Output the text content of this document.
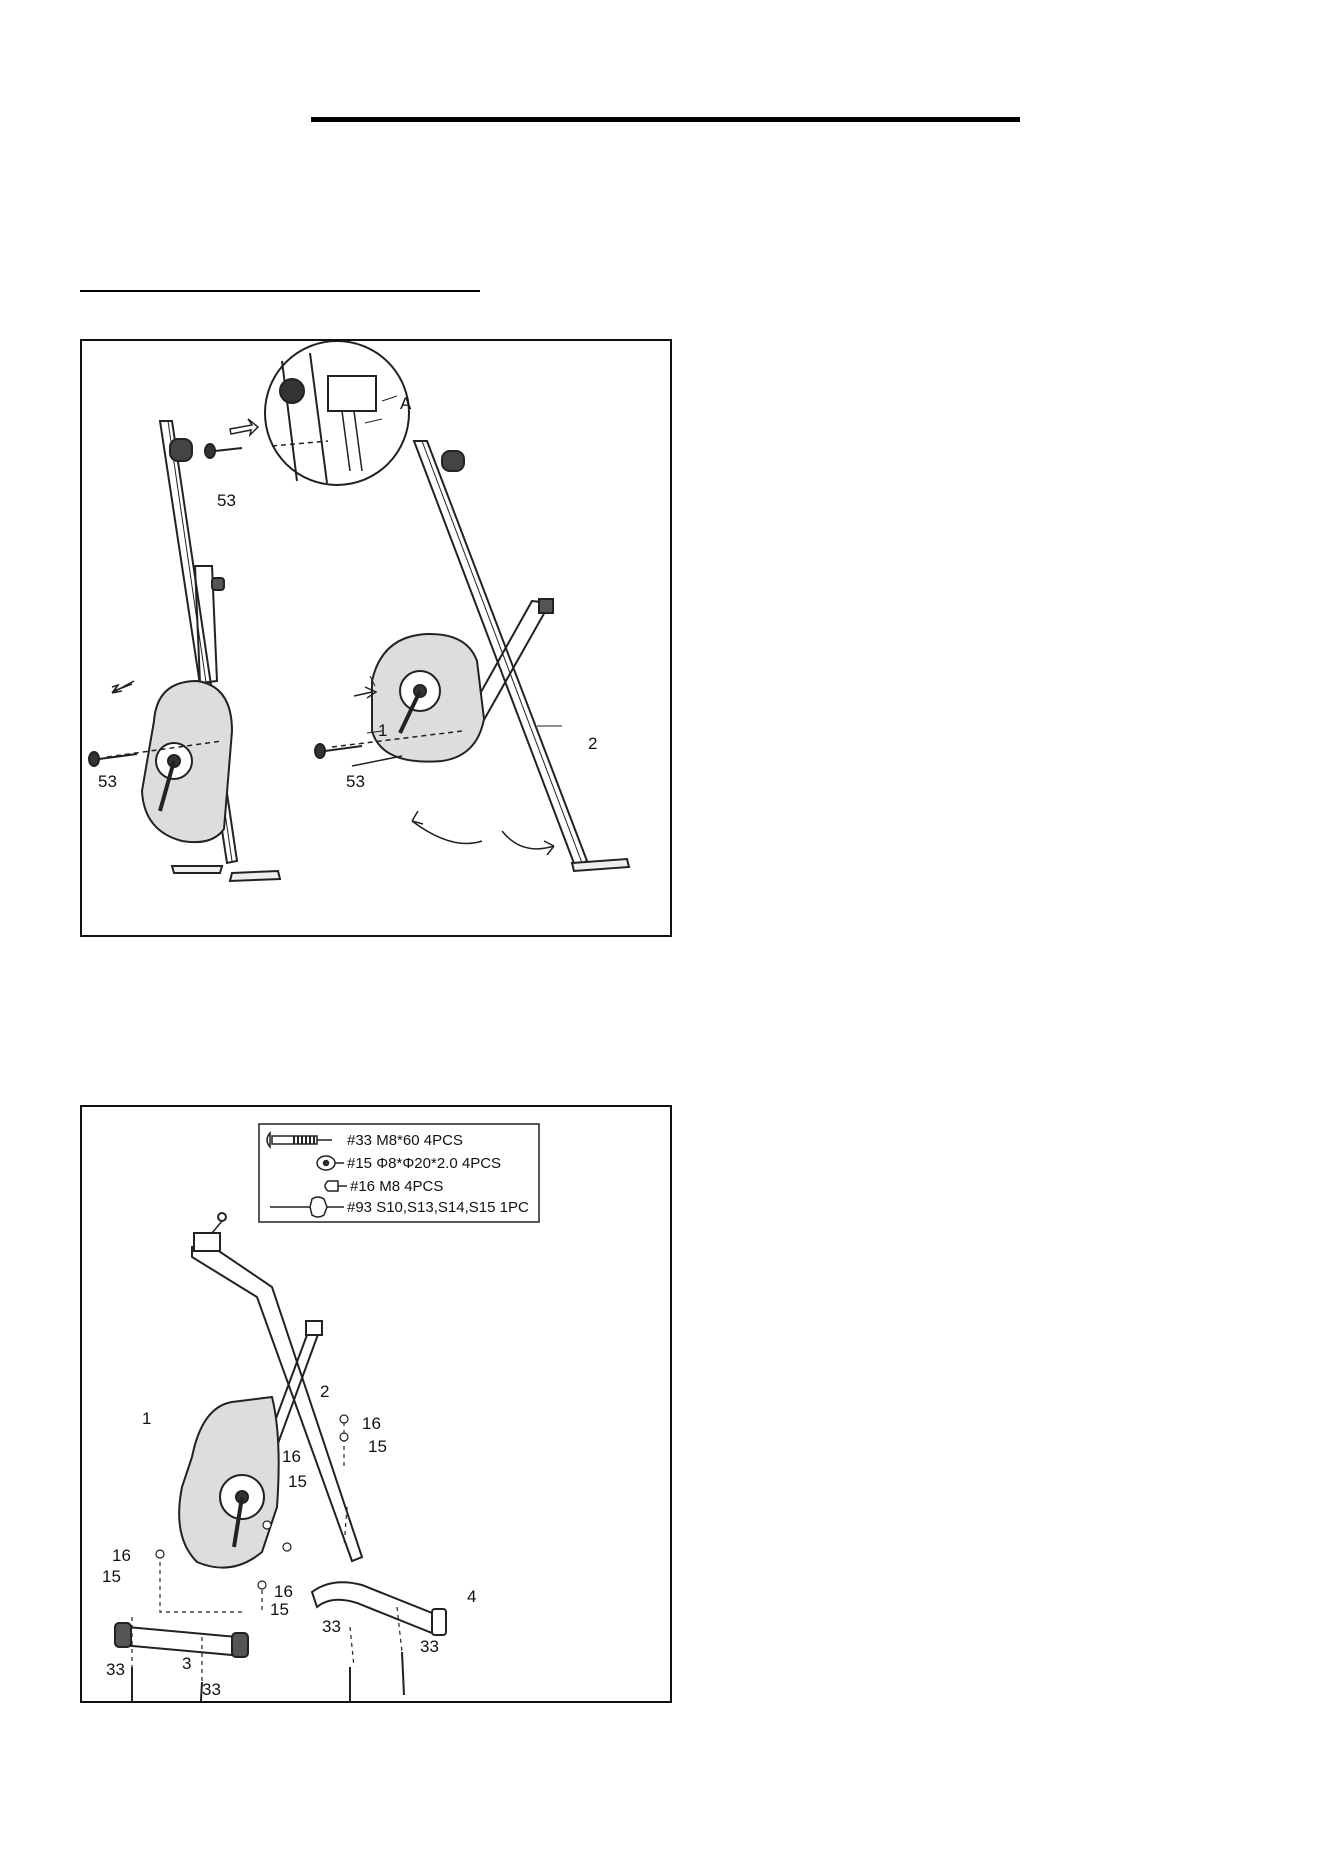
53
A
53	53
1
2
#33 M8*60 4PCS
#15 Φ8*Φ20*2.0 4PCS
#16 M8 4PCS
#93 S10,S13,S14,S15 1PC
2
1
3
4
16
16
16
16
15
15
15
15
33
33
33
33
